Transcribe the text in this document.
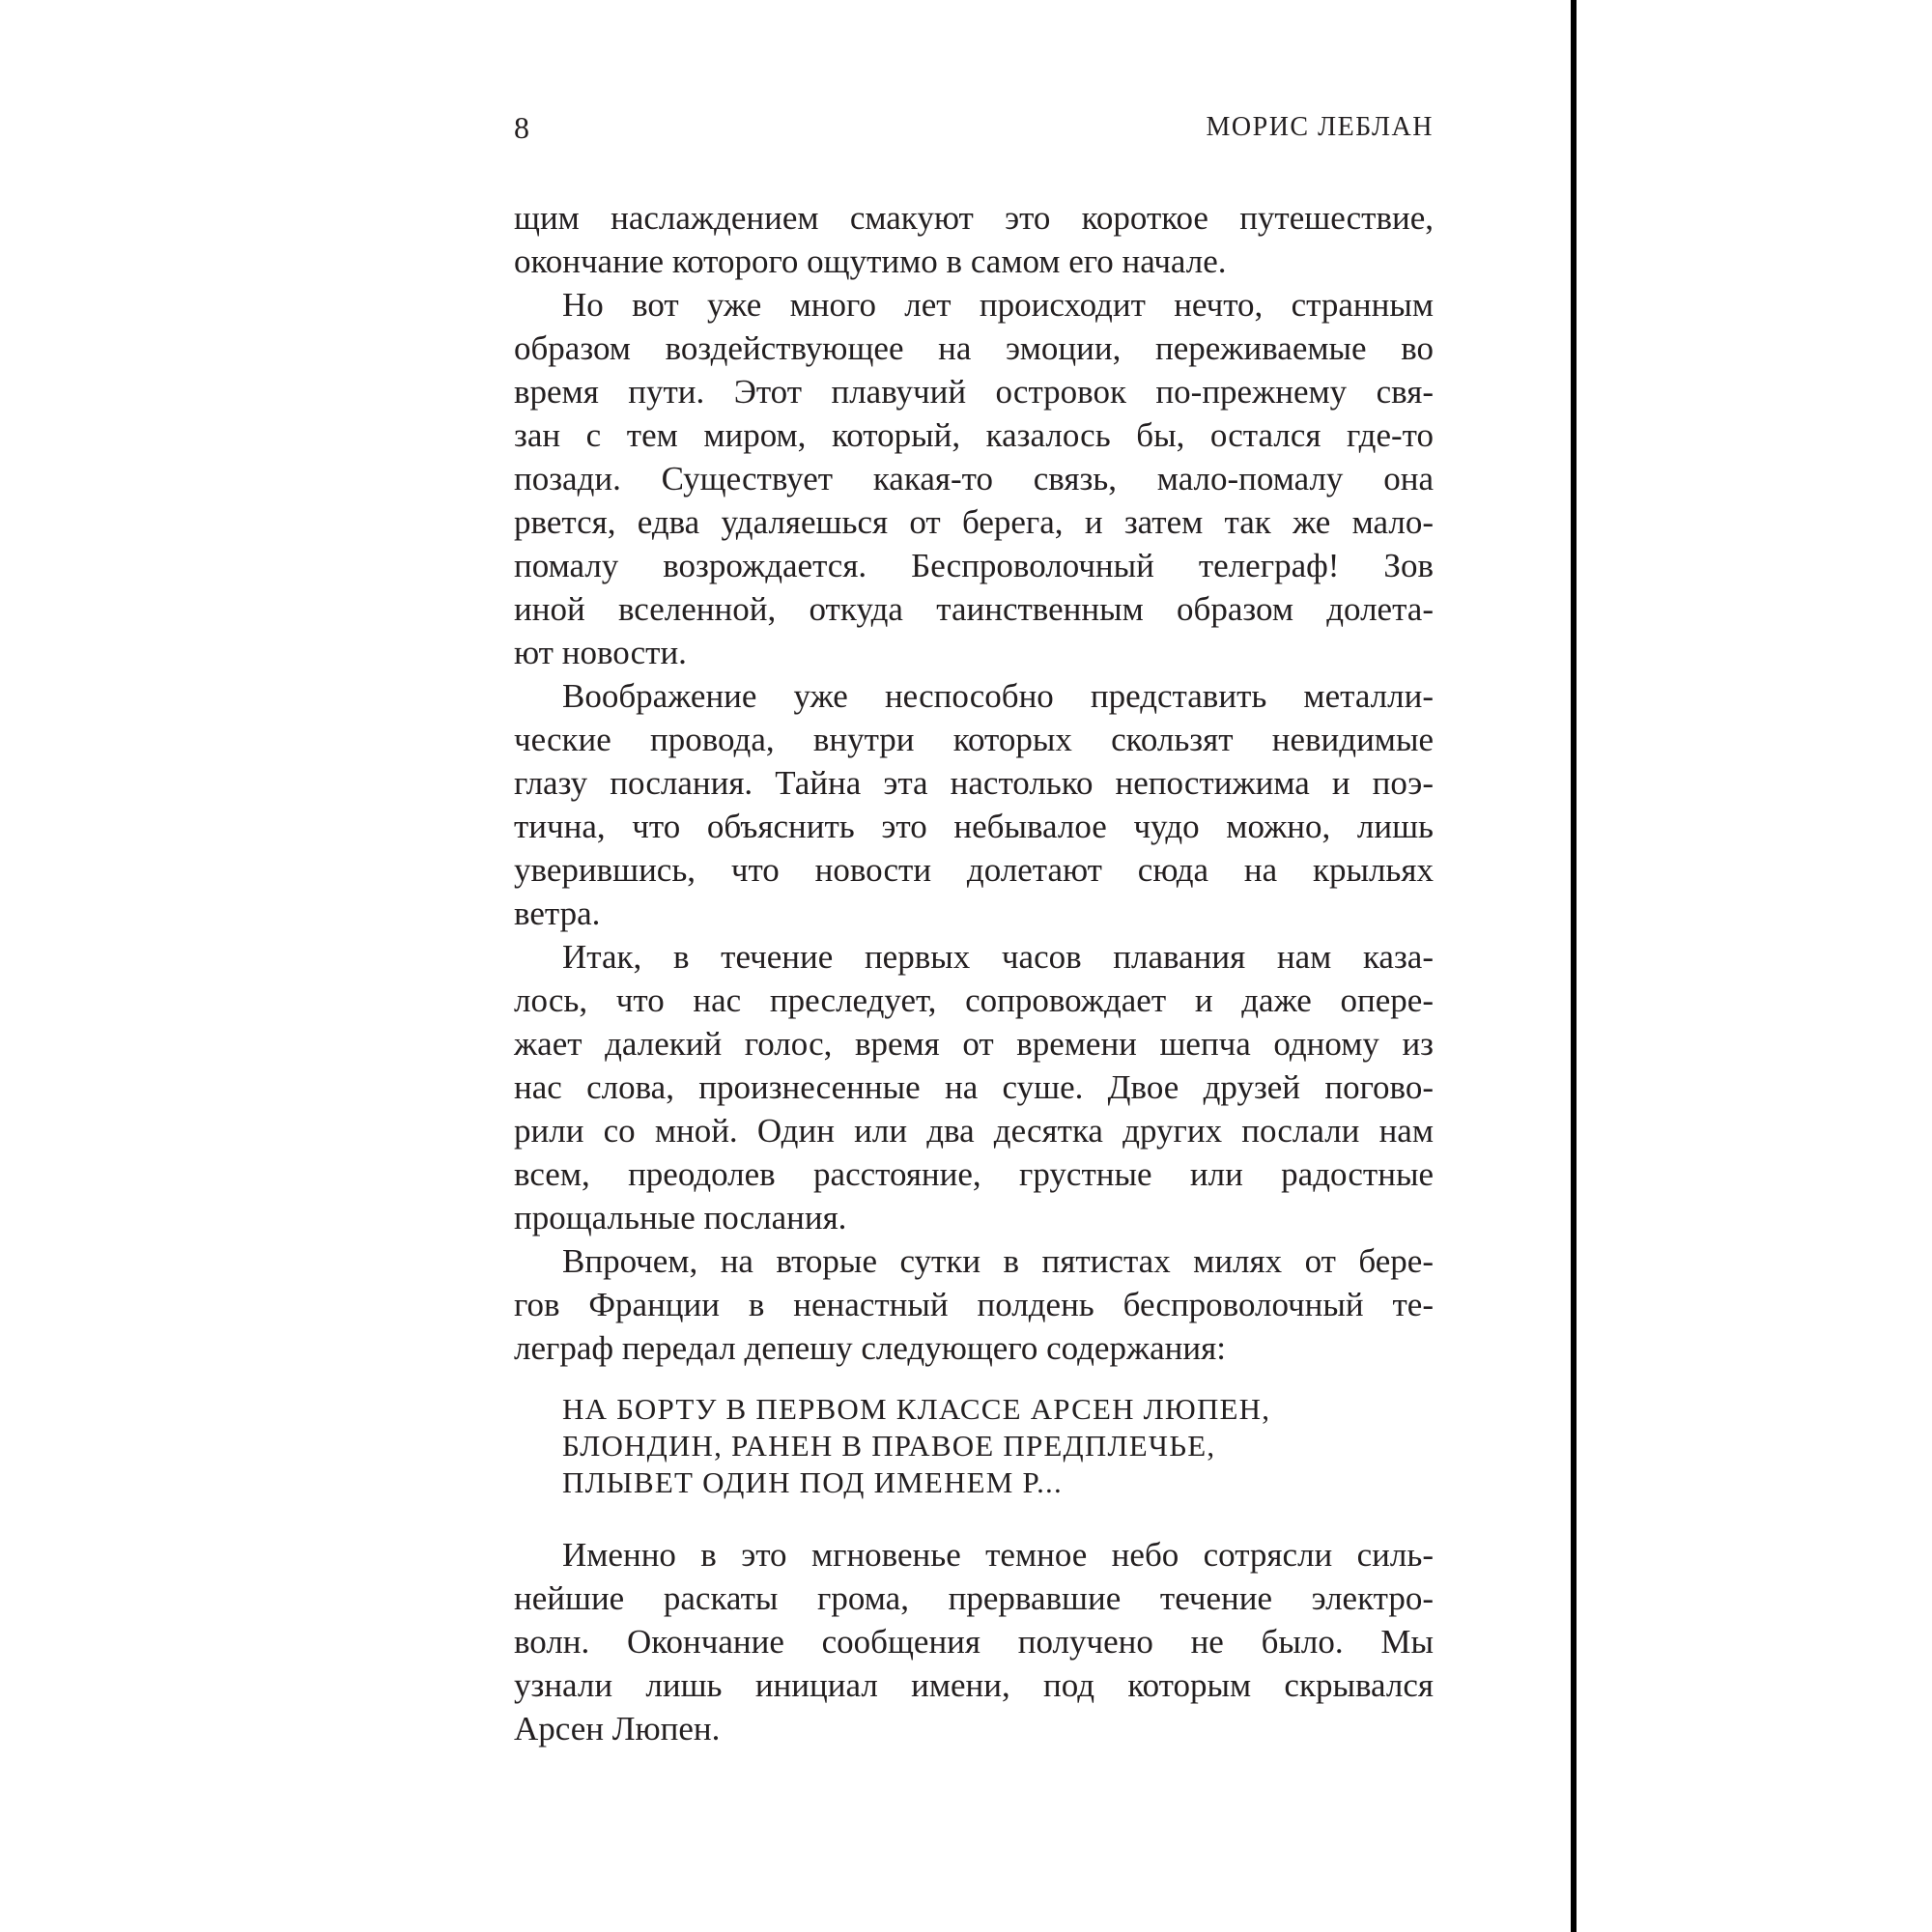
8	МОРИС ЛЕБЛАН
щим наслаждением смакуют это короткое путешествие,
окончание которого ощутимо в самом его начале.
Но вот уже много лет происходит нечто, странным
образом воздействующее на эмоции, переживаемые во
время пути. Этот плавучий островок по-прежнему свя-
зан с тем миром, который, казалось бы, остался где-то
позади. Существует какая-то связь, мало-помалу она
рвется, едва удаляешься от берега, и затем так же мало-
помалу возрождается. Беспроволочный телеграф! Зов
иной вселенной, откуда таинственным образом долета-
ют новости.
Воображение уже неспособно представить металли-
ческие провода, внутри которых скользят невидимые
глазу послания. Тайна эта настолько непостижима и поэ-
тична, что объяснить это небывалое чудо можно, лишь
уверившись, что новости долетают сюда на крыльях
ветра.
Итак, в течение первых часов плавания нам каза-
лось, что нас преследует, сопровождает и даже опере-
жает далекий голос, время от времени шепча одному из
нас слова, произнесенные на суше. Двое друзей погово-
рили со мной. Один или два десятка других послали нам
всем, преодолев расстояние, грустные или радостные
прощальные послания.
Впрочем, на вторые сутки в пятистах милях от бере-
гов Франции в ненастный полдень беспроволочный те-
леграф передал депешу следующего содержания:
НА БОРТУ В ПЕРВОМ КЛАССЕ АРСЕН ЛЮПЕН,
БЛОНДИН, РАНЕН В ПРАВОЕ ПРЕДПЛЕЧЬЕ,
ПЛЫВЕТ ОДИН ПОД ИМЕНЕМ Р...
Именно в это мгновенье темное небо сотрясли силь-
нейшие раскаты грома, прервавшие течение электро-
волн. Окончание сообщения получено не было. Мы
узнали лишь инициал имени, под которым скрывался
Арсен Люпен.
